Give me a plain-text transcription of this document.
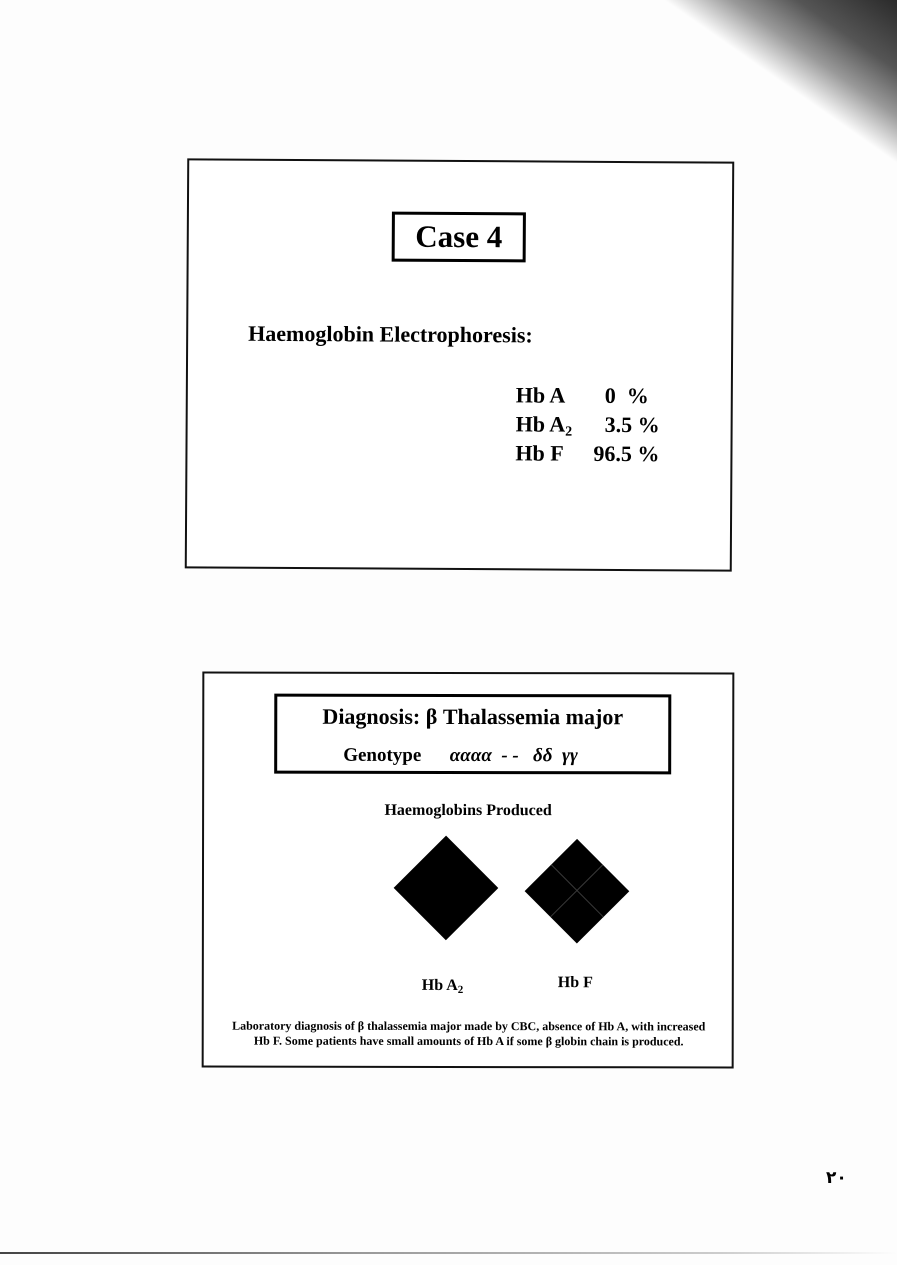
Case 4
Haemoglobin Electrophoresis:
Hb A 0  %
Hb $A_2$ 3.5 %
Hb F 96.5 %
Diagnosis: β Thalassemia major
Genotype αααα  - -   δδ  γγ
Haemoglobins Produced
Hb $A_2$	Hb F
Laboratory diagnosis of β thalassemia major made by CBC, absence of Hb A, with increased Hb F. Some patients have small amounts of Hb A if some β globin chain is produced.
٢٠
